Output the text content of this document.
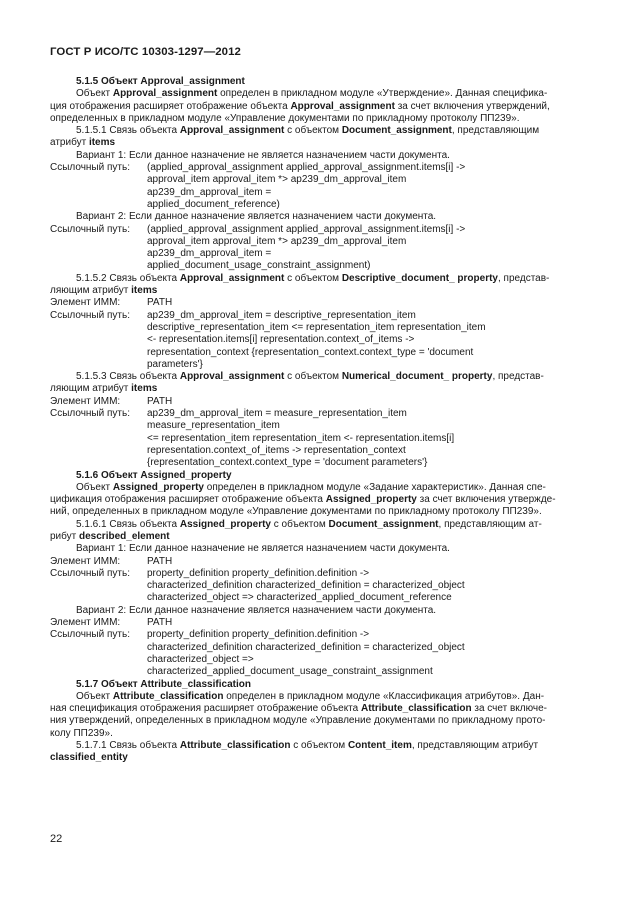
ГОСТ Р ИСО/ТС 10303-1297—2012

5.1.5 Объект Approval_assignment

Объект Approval_assignment определен в прикладном модуле «Утверждение». Данная специфика-

ция отображения расширяет отображение объекта Approval_assignment за счет включения утверждений,

определенных в прикладном модуле «Управление документами по прикладному протоколу ПП239».

5.1.5.1 Связь объекта Approval_assignment с объектом Document_assignment, представляющим

атрибут items

Вариант 1: Если данное назначение не является назначением части документа.

Ссылочный путь:	(applied_approval_assignment applied_approval_assignment.items[i] ->

approval_item approval_item *> ap239_dm_approval_item

ap239_dm_approval_item =

applied_document_reference)

Вариант 2: Если данное назначение является назначением части документа.

Ссылочный путь:	(applied_approval_assignment applied_approval_assignment.items[i] ->

approval_item approval_item *> ap239_dm_approval_item

ap239_dm_approval_item =

applied_document_usage_constraint_assignment)

5.1.5.2 Связь объекта Approval_assignment с объектом Descriptive_document_ property, представ-

ляющим атрибут items

Элемент ИММ:	PATH
Ссылочный путь:	ap239_dm_approval_item = descriptive_representation_item

descriptive_representation_item <= representation_item representation_item

<- representation.items[i] representation.context_of_items ->

representation_context {representation_context.context_type = 'document

parameters'}

5.1.5.3 Связь объекта Approval_assignment с объектом Numerical_document_ property, представ-

ляющим атрибут items

Элемент ИММ:	PATH
Ссылочный путь:	ap239_dm_approval_item = measure_representation_item

measure_representation_item

<= representation_item representation_item <- representation.items[i]

representation.context_of_items -> representation_context

{representation_context.context_type = 'document parameters'}

5.1.6 Объект Assigned_property

Объект Assigned_property определен в прикладном модуле «Задание характеристик». Данная спе-

цификация отображения расширяет отображение объекта Assigned_property за счет включения утвержде-

ний, определенных в прикладном модуле «Управление документами по прикладному протоколу ПП239».

5.1.6.1 Связь объекта Assigned_property с объектом Document_assignment, представляющим ат-

рибут described_element

Вариант 1: Если данное назначение не является назначением части документа.

Элемент ИММ:	PATH
Ссылочный путь:	property_definition property_definition.definition ->

characterized_definition characterized_definition = characterized_object

characterized_object => characterized_applied_document_reference

Вариант 2: Если данное назначение является назначением части документа.

Элемент ИММ:	PATH
Ссылочный путь:	property_definition property_definition.definition ->

characterized_definition characterized_definition = characterized_object

characterized_object =>

characterized_applied_document_usage_constraint_assignment

5.1.7 Объект Attribute_classification

Объект Attribute_classification определен в прикладном модуле «Классификация атрибутов». Дан-

ная спецификация отображения расширяет отображение объекта Attribute_classification за счет включе-

ния утверждений, определенных в прикладном модуле «Управление документами по прикладному прото-

колу ПП239».

5.1.7.1 Связь объекта Attribute_classification с объектом Content_item, представляющим атрибут

classified_entity

22
